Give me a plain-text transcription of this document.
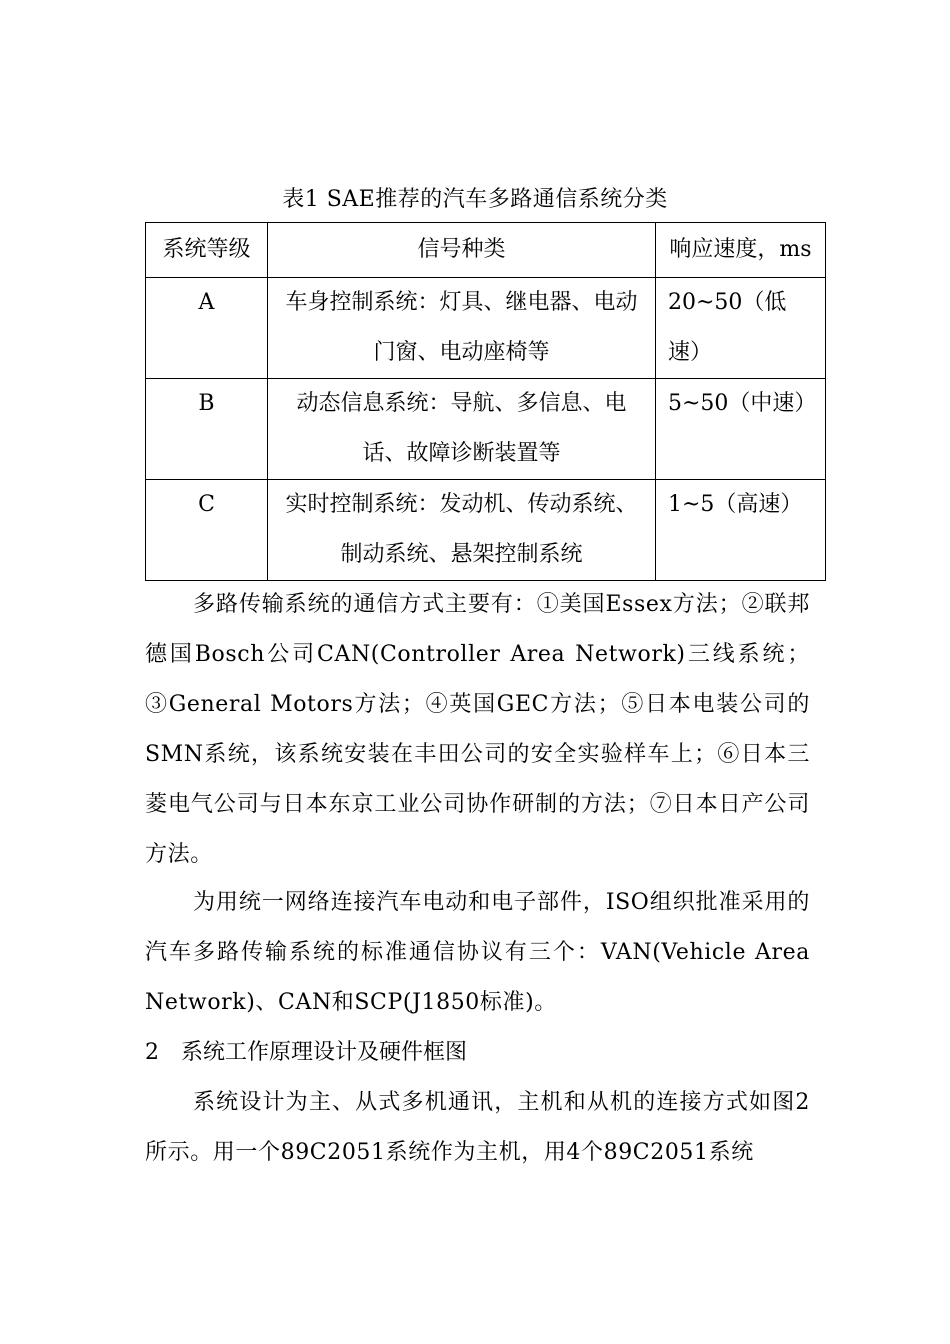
表1 SAE推荐的汽车多路通信系统分类
系统等级	信号种类	响应速度，ms
A	车身控制系统：灯具、继电器、电动门窗、电动座椅等	20~50（低速）
B	动态信息系统：导航、多信息、电话、故障诊断装置等	5~50（中速）
C	实时控制系统：发动机、传动系统、制动系统、悬架控制系统	1~5（高速）

多路传输系统的通信方式主要有：①美国Essex方法；②联邦德国Bosch公司CAN(Controller Area Network)三线系统；③General Motors方法；④英国GEC方法；⑤日本电装公司的SMN系统，该系统安装在丰田公司的安全实验样车上；⑥日本三菱电气公司与日本东京工业公司协作研制的方法；⑦日本日产公司方法。

为用统一网络连接汽车电动和电子部件，ISO组织批准采用的汽车多路传输系统的标准通信协议有三个：VAN(Vehicle Area Network)、CAN和SCP(J1850标准)。

2 系统工作原理设计及硬件框图

系统设计为主、从式多机通讯，主机和从机的连接方式如图2所示。用一个89C2051系统作为主机，用4个89C2051系统
